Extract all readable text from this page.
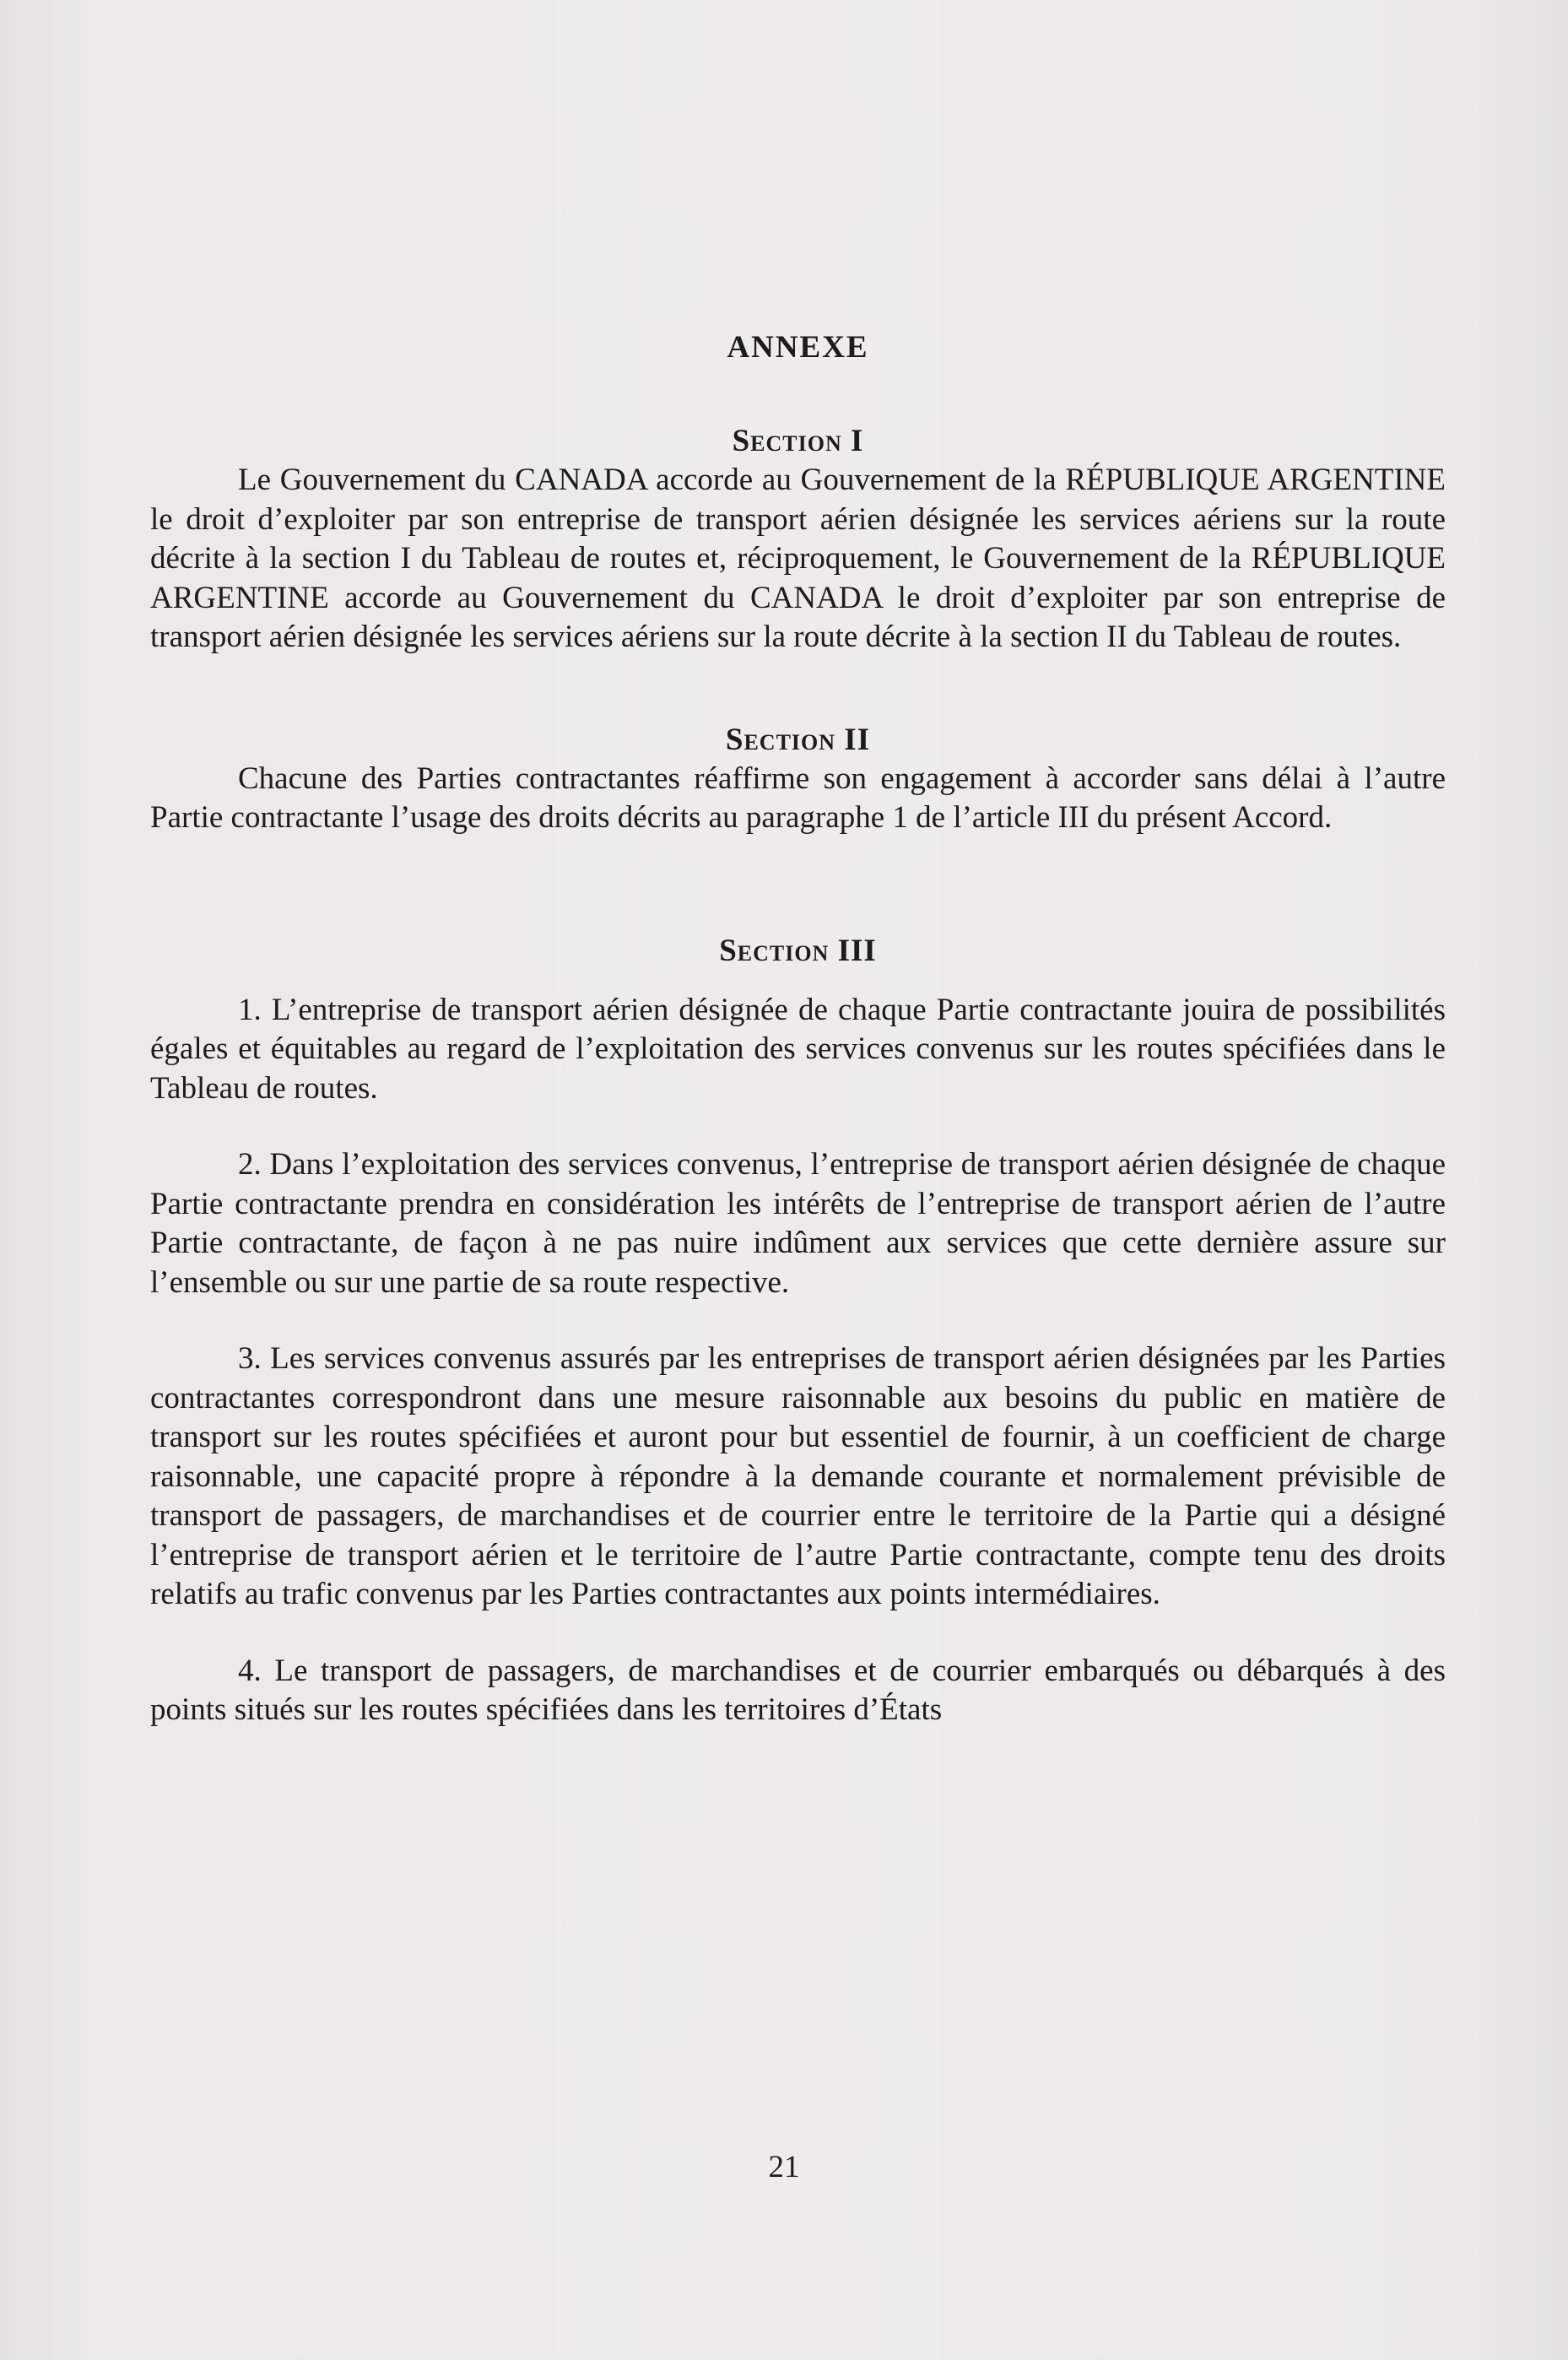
ANNEXE
Section I

Le Gouvernement du CANADA accorde au Gouvernement de la RÉPUBLIQUE ARGENTINE le droit d’exploiter par son entreprise de transport aérien désignée les services aériens sur la route décrite à la section I du Tableau de routes et, réciproquement, le Gouvernement de la RÉPUBLIQUE ARGENTINE accorde au Gouvernement du CANADA le droit d’exploiter par son entreprise de transport aérien désignée les services aériens sur la route décrite à la section II du Tableau de routes.

Section II

Chacune des Parties contractantes réaffirme son engagement à accorder sans délai à l’autre Partie contractante l’usage des droits décrits au paragraphe 1 de l’article III du présent Accord.

Section III

1. L’entreprise de transport aérien désignée de chaque Partie contractante jouira de possibilités égales et équitables au regard de l’exploitation des services convenus sur les routes spécifiées dans le Tableau de routes.

2. Dans l’exploitation des services convenus, l’entreprise de transport aérien désignée de chaque Partie contractante prendra en considération les intérêts de l’entreprise de transport aérien de l’autre Partie contractante, de façon à ne pas nuire indûment aux services que cette dernière assure sur l’ensemble ou sur une partie de sa route respective.

3. Les services convenus assurés par les entreprises de transport aérien désignées par les Parties contractantes correspondront dans une mesure raisonnable aux besoins du public en matière de transport sur les routes spécifiées et auront pour but essentiel de fournir, à un coefficient de charge raisonnable, une capacité propre à répondre à la demande courante et normalement prévisible de transport de passagers, de marchandises et de courrier entre le territoire de la Partie qui a désigné l’entreprise de transport aérien et le territoire de l’autre Partie contractante, compte tenu des droits relatifs au trafic convenus par les Parties contractantes aux points intermédiaires.

4. Le transport de passagers, de marchandises et de courrier embarqués ou débarqués à des points situés sur les routes spécifiées dans les territoires d’États

21
